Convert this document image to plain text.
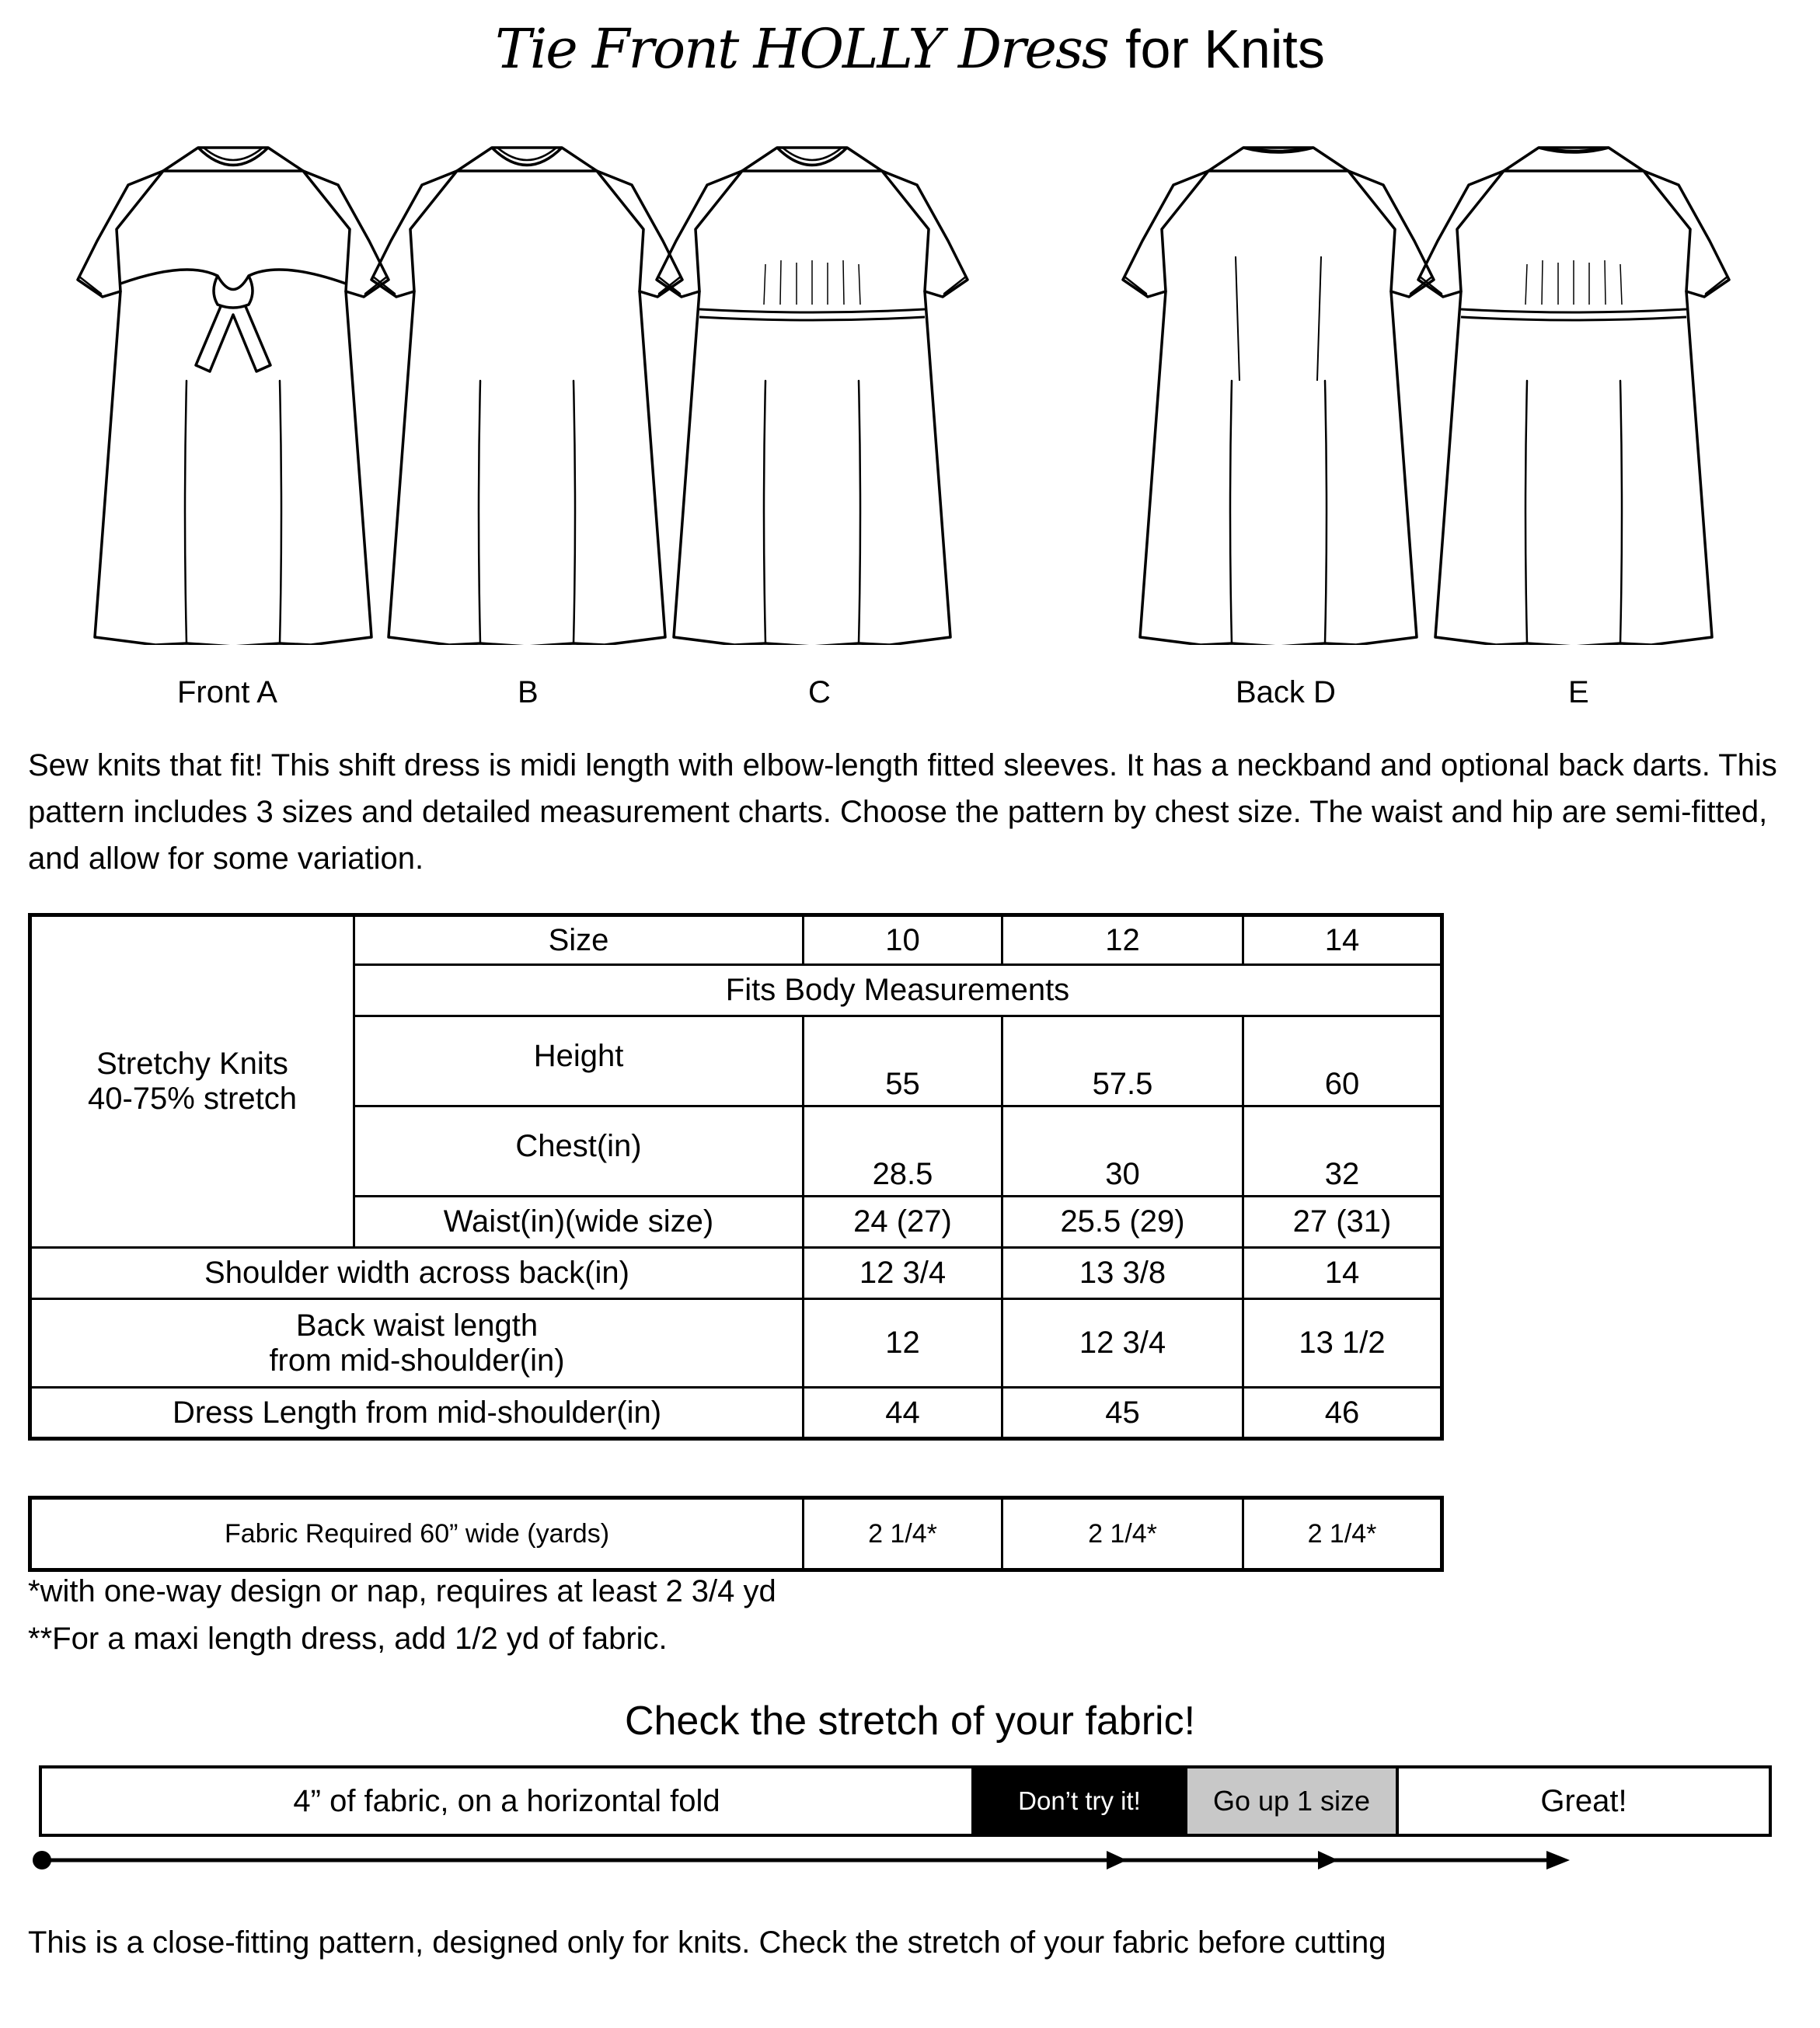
Tie Front HOLLY Dress for Knits
Front A	B	C	Back D	E
Sew knits that fit! This shift dress is midi length with elbow-length fitted sleeves. It has a neckband and optional back darts. This pattern includes 3 sizes and detailed measurement charts. Choose the pattern by chest size. The waist and hip are semi-fitted, and allow for some variation.
Stretchy Knits
40-75% stretch	Size	10	12	14
	Fits Body Measurements			
	Height	55	57.5	60
	Chest(in)	28.5	30	32
	Waist(in)(wide size)	24 (27)	25.5 (29)	27 (31)
Shoulder width across back(in)		12 3/4	13 3/8	14

Back waist length
from mid-shoulder(in)		12	12 3/4	13 1/2
Dress Length from mid-shoulder(in)		44	45	46
Fabric Required 60” wide (yards)	2 1/4*	2 1/4*	2 1/4*
*with one-way design or nap, requires at least 2 3/4 yd
**For a maxi length dress, add 1/2 yd of fabric.
Check the stretch of your fabric!
4” of fabric, on a horizontal fold	Don’t try it!	Go up 1 size	Great!
This is a close-fitting pattern, designed only for knits. Check the stretch of your fabric before cutting
